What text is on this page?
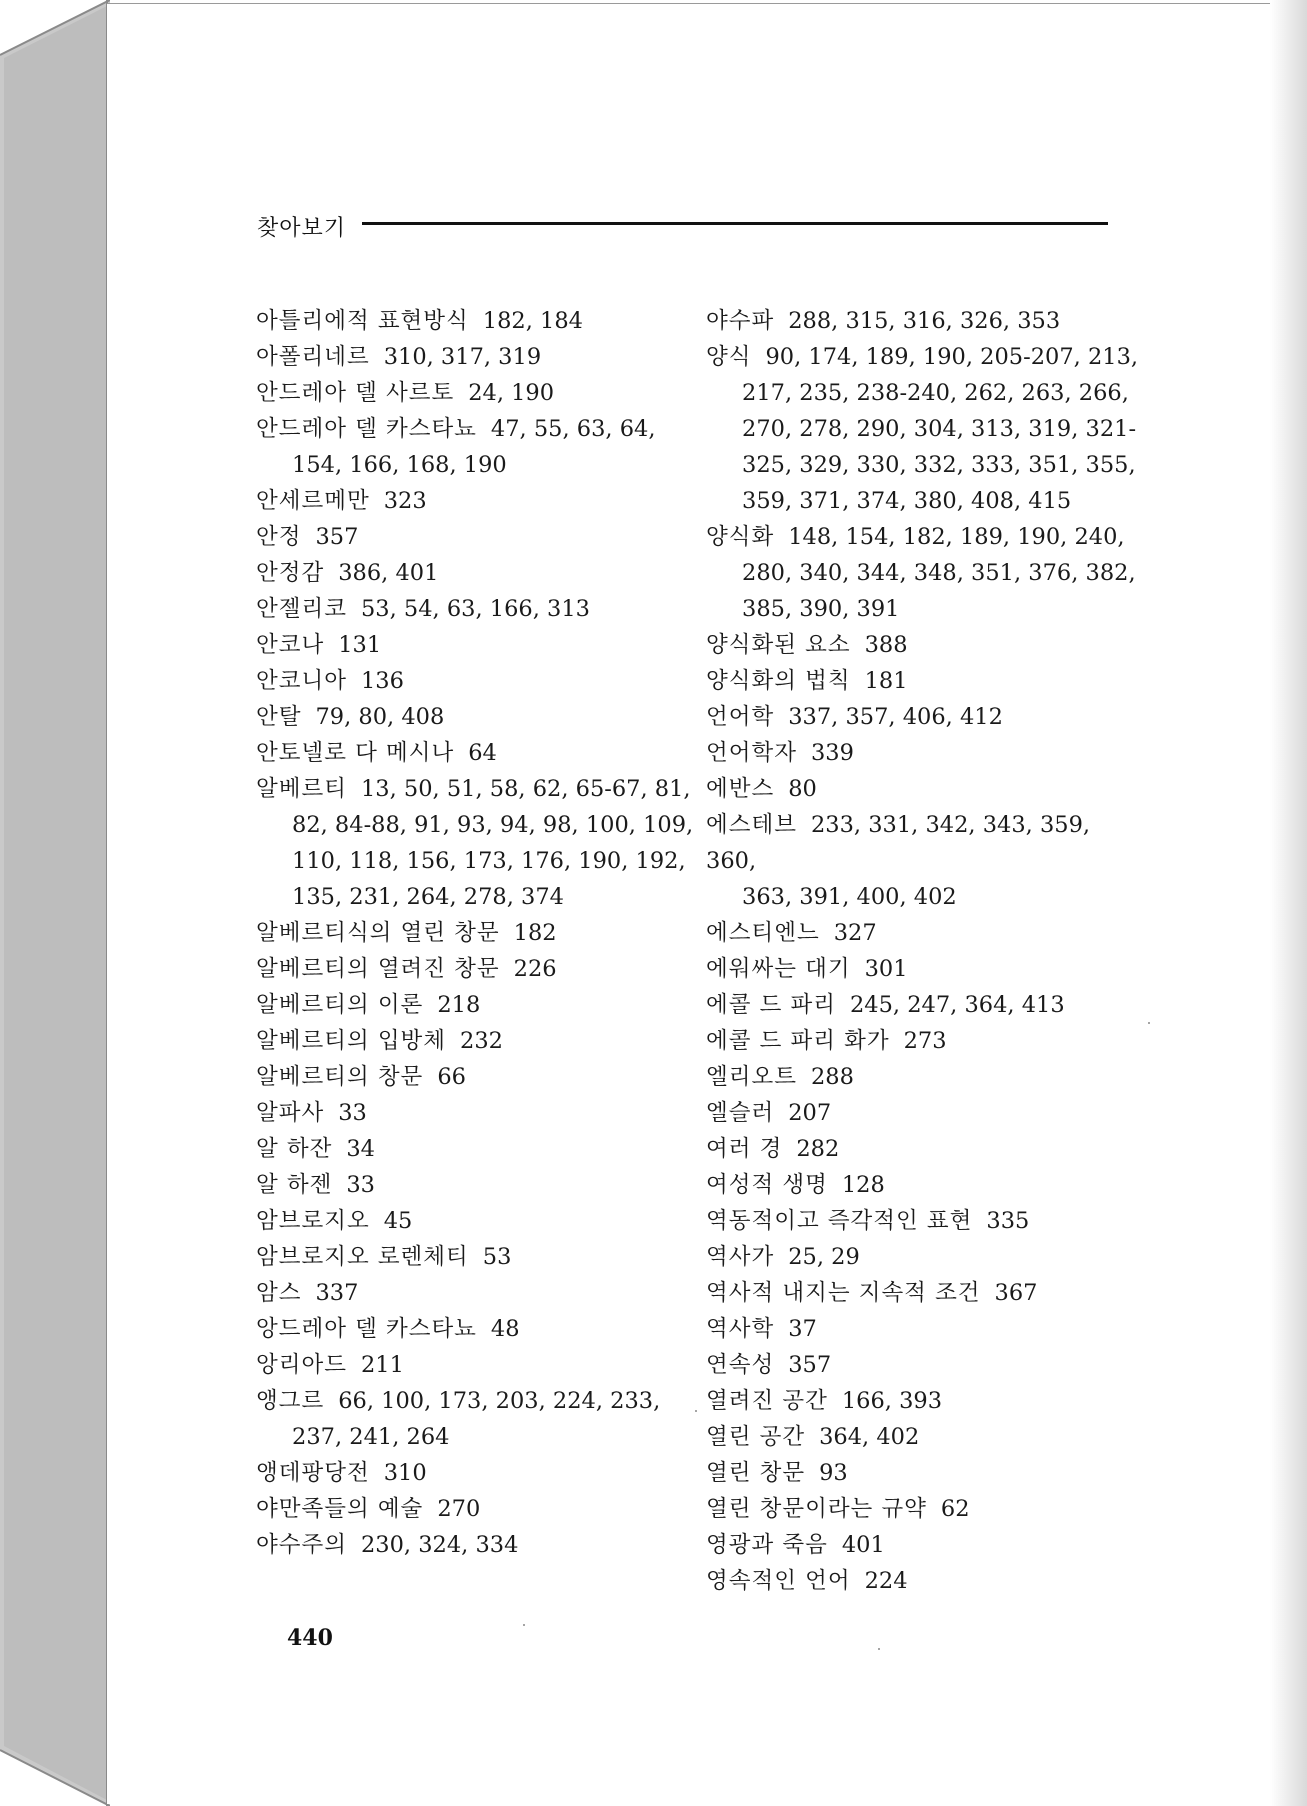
찾아보기

아틀리에적 표현방식 182, 184

아폴리네르 310, 317, 319

안드레아 델 사르토 24, 190

안드레아 델 카스타뇨 47, 55, 63, 64,
154, 166, 168, 190

안세르메만 323

안정 357

안정감 386, 401

안젤리코 53, 54, 63, 166, 313

안코나 131

안코니아 136

안탈 79, 80, 408

안토넬로 다 메시나 64

알베르티 13, 50, 51, 58, 62, 65-67, 81,
82, 84-88, 91, 93, 94, 98, 100, 109,
110, 118, 156, 173, 176, 190, 192,
135, 231, 264, 278, 374

알베르티식의 열린 창문 182

알베르티의 열려진 창문 226

알베르티의 이론 218

알베르티의 입방체 232

알베르티의 창문 66

알파사 33

알 하잔 34

알 하젠 33

암브로지오 45

암브로지오 로렌체티 53

암스 337

앙드레아 델 카스타뇨 48

앙리아드 211

앵그르 66, 100, 173, 203, 224, 233,
237, 241, 264

앵데팡당전 310

야만족들의 예술 270

야수주의 230, 324, 334

야수파 288, 315, 316, 326, 353

양식 90, 174, 189, 190, 205-207, 213,
217, 235, 238-240, 262, 263, 266,
270, 278, 290, 304, 313, 319, 321-
325, 329, 330, 332, 333, 351, 355,
359, 371, 374, 380, 408, 415

양식화 148, 154, 182, 189, 190, 240,
280, 340, 344, 348, 351, 376, 382,
385, 390, 391

양식화된 요소 388

양식화의 법칙 181

언어학 337, 357, 406, 412

언어학자 339

에반스 80

에스테브 233, 331, 342, 343, 359, 360,
363, 391, 400, 402

에스티엔느 327

에워싸는 대기 301

에콜 드 파리 245, 247, 364, 413

에콜 드 파리 화가 273

엘리오트 288

엘슬러 207

여러 경 282

여성적 생명 128

역동적이고 즉각적인 표현 335

역사가 25, 29

역사적 내지는 지속적 조건 367

역사학 37

연속성 357

열려진 공간 166, 393

열린 공간 364, 402

열린 창문 93

열린 창문이라는 규약 62

영광과 죽음 401

영속적인 언어 224

440
